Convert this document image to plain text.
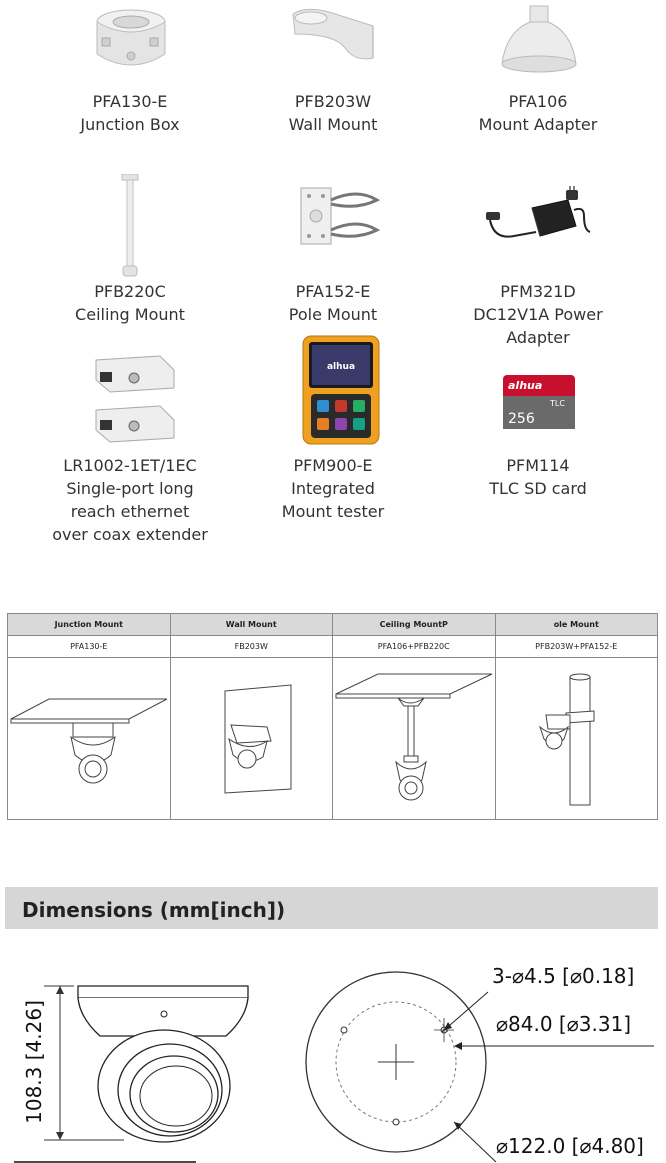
PFA130-E
Junction Box
PFB203W
Wall Mount
PFA106
Mount Adapter
PFB220C
Ceiling Mount
PFA152-E
Pole Mount
PFM321D
DC12V1A Power Adapter
LR1002-1ET/1EC
Single-port long reach ethernet over coax extender
alhua
PFM900-E
Integrated Mount tester
alhua
TLC
256
PFM114
TLC SD card
Junction Mount	Wall Mount	Ceiling MountP	ole Mount
PFA130-E	FB203W	PFA106+PFB220C	PFB203W+PFA152-E

Dimensions (mm[inch])
108.3 [4.26]
3-⌀4.5 [⌀0.18]
⌀84.0 [⌀3.31]
⌀122.0 [⌀4.80]
